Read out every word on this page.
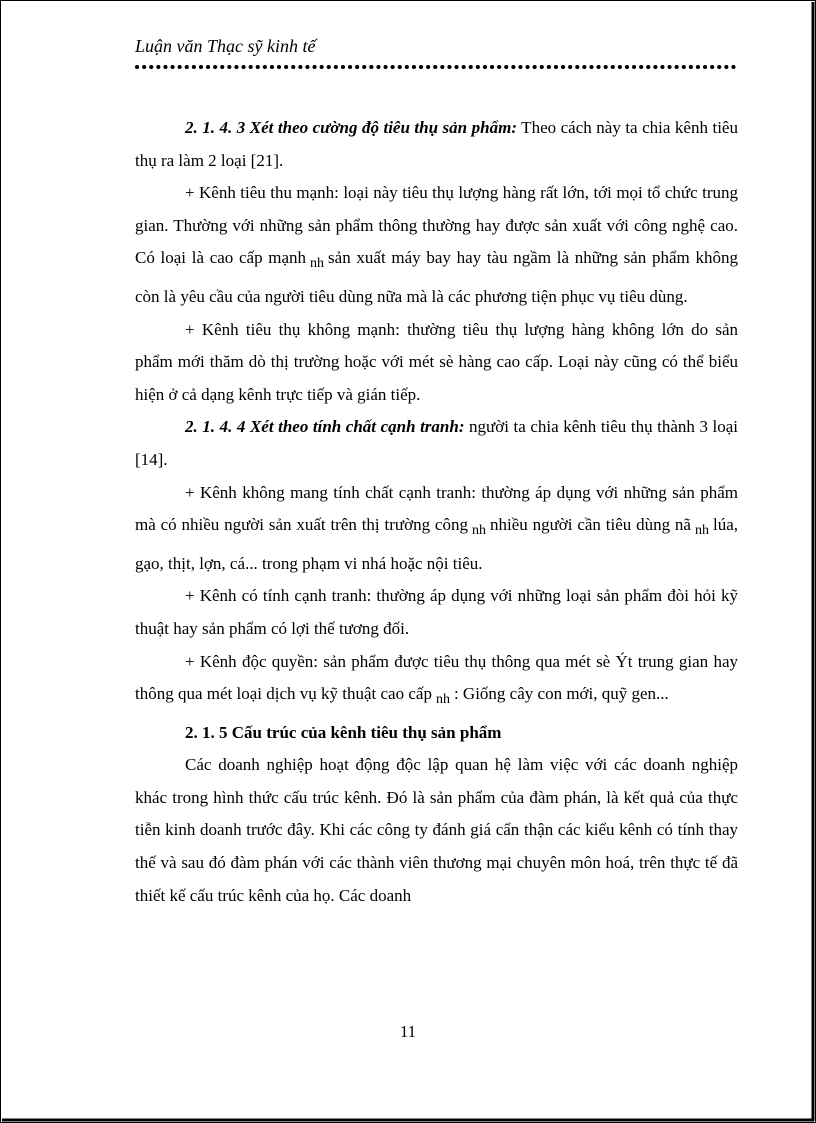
Luận văn Thạc sỹ kinh tế

2. 1. 4. 3 Xét theo cường độ tiêu thụ sản phẩm: Theo cách này ta chia kênh tiêu thụ ra làm 2 loại [21].

+ Kênh tiêu thu mạnh: loại này tiêu thụ lượng hàng rất lớn, tới mọi tổ chức trung gian. Thường với những sản phẩm thông thường hay được sản xuất với công nghệ cao. Có loại là cao cấp mạnh $_{nh}$ sản xuất máy bay hay tàu ngầm là những sản phẩm không còn là yêu cầu của người tiêu dùng nữa mà là các phương tiện phục vụ tiêu dùng.

+ Kênh tiêu thụ không mạnh: thường tiêu thụ lượng hàng không lớn do sản phẩm mới thăm dò thị trường hoặc với mét sè hàng cao cấp. Loại này cũng có thể biểu hiện ở cả dạng kênh trực tiếp và gián tiếp.

2. 1. 4. 4 Xét theo tính chất cạnh tranh: người ta chia kênh tiêu thụ thành 3 loại [14].

+ Kênh không mang tính chất cạnh tranh: thường áp dụng với những sản phẩm mà có nhiều người sản xuất trên thị trường công $_{nh}$ nhiều người cần tiêu dùng nã $_{nh}$ lúa, gạo, thịt, lợn, cá... trong phạm vi nhá hoặc nội tiêu.

+ Kênh có tính cạnh tranh: thường áp dụng với những loại sản phẩm đòi hỏi kỹ thuật hay sản phẩm có lợi thế tương đối.

+ Kênh độc quyền: sản phẩm được tiêu thụ thông qua mét sè Ýt trung gian hay thông qua mét loại dịch vụ kỹ thuật cao cấp $_{nh}$ : Giống cây con mới, quỹ gen...

2. 1. 5 Cấu trúc của kênh tiêu thụ sản phẩm

Các doanh nghiệp hoạt động độc lập quan hệ làm việc với các doanh nghiệp khác trong hình thức cấu trúc kênh. Đó là sản phẩm của đàm phán, là kết quả của thực tiễn kinh doanh trước đây. Khi các công ty đánh giá cẩn thận các kiểu kênh có tính thay thế và sau đó đàm phán với các thành viên thương mại chuyên môn hoá, trên thực tế đã thiết kế cấu trúc kênh của họ. Các doanh

11
